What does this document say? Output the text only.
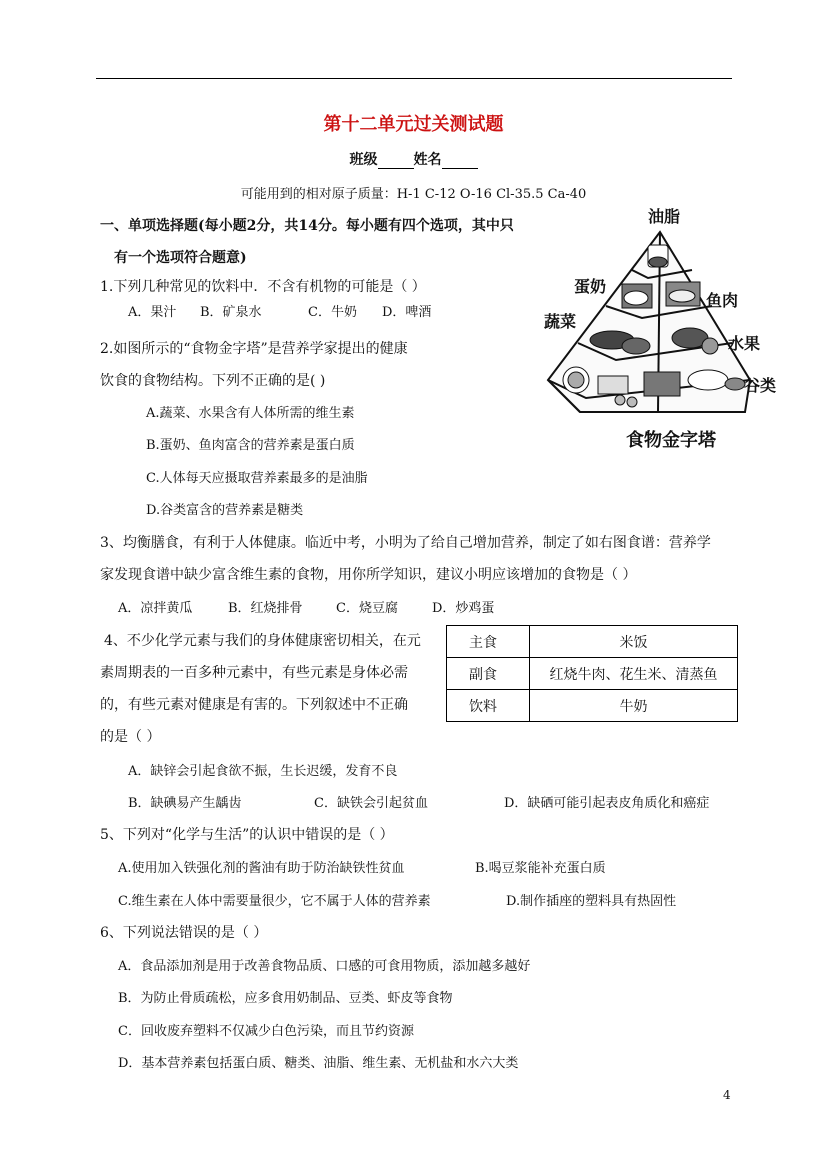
第十二单元过关测试题
班级	姓名
可能用到的相对原子质量：H-1 C-12 O-16 Cl-35.5 Ca-40
一、单项选择题(每小题2分，共14分。每小题有四个选项，其中只
有一个选项符合题意)
1.下列几种常见的饮料中．不含有机物的可能是（ ）
A．果汁 B．矿泉水	C．牛奶 D．啤酒
2.如图所示的“食物金字塔”是营养学家提出的健康
饮食的食物结构。下列不正确的是( )
A.蔬菜、水果含有人体所需的维生素
B.蛋奶、鱼肉富含的营养素是蛋白质
C.人体每天应摄取营养素最多的是油脂
D.谷类富含的营养素是糖类
3、均衡膳食，有利于人体健康。临近中考，小明为了给自己增加营养，制定了如右图食谱：营养学
家发现食谱中缺少富含维生素的食物，用你所学知识，建议小明应该增加的食物是（ ）
A．凉拌黄瓜	B．红烧排骨	C．烧豆腐	D．炒鸡蛋
4、不少化学元素与我们的身体健康密切相关，在元
素周期表的一百多种元素中，有些元素是身体必需
的，有些元素对健康是有害的。下列叙述中不正确
的是（ ）
A．缺锌会引起食欲不振，生长迟缓，发育不良
B．缺碘易产生龋齿	C．缺铁会引起贫血	D．缺硒可能引起表皮角质化和癌症
5、下列对“化学与生活”的认识中错误的是（ ）
A.使用加入铁强化剂的酱油有助于防治缺铁性贫血	B.喝豆浆能补充蛋白质
C.维生素在人体中需要量很少，它不属于人体的营养素	D.制作插座的塑料具有热固性
6、下列说法错误的是（ ）
A．食品添加剂是用于改善食物品质、口感的可食用物质，添加越多越好
B．为防止骨质疏松，应多食用奶制品、豆类、虾皮等食物
C．回收废弃塑料不仅减少白色污染，而且节约资源
D．基本营养素包括蛋白质、糖类、油脂、维生素、无机盐和水六大类
主食	米饭
副食	红烧牛肉、花生米、清蒸鱼
饮料	牛奶
油脂
蛋奶
鱼肉
蔬菜
水果
谷类
食物金字塔
4
